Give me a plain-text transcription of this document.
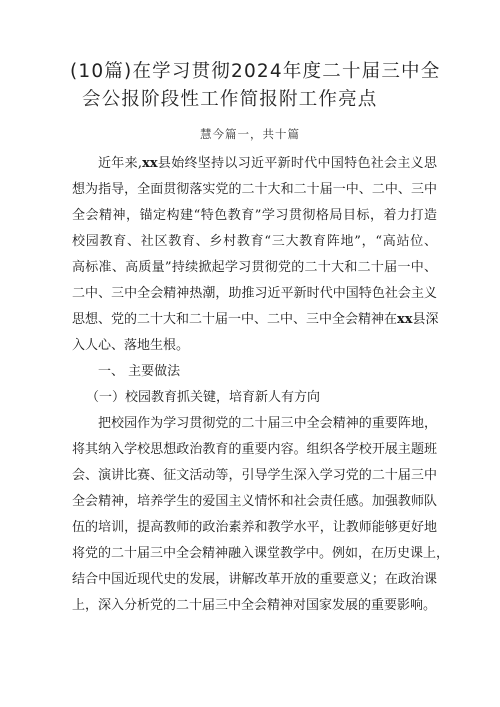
(10篇)在学习贯彻2024年度二十届三中全
会公报阶段性工作简报附工作亮点
慧今篇一，共十篇
近年来,xx县始终坚持以习近平新时代中国特色社会主义思
想为指导，全面贯彻落实党的二十大和二十届一中、二中、三中
全会精神，锚定构建“特色教育”学习贯彻格局目标，着力打造
校园教育、社区教育、乡村教育“三大教育阵地”，“高站位、
高标准、高质量”持续掀起学习贯彻党的二十大和二十届一中、
二中、三中全会精神热潮，助推习近平新时代中国特色社会主义
思想、党的二十大和二十届一中、二中、三中全会精神在xx县深
入人心、落地生根。
一、 主要做法
（一）校园教育抓关键，培育新人有方向
把校园作为学习贯彻党的二十届三中全会精神的重要阵地，
将其纳入学校思想政治教育的重要内容。组织各学校开展主题班
会、演讲比赛、征文活动等，引导学生深入学习党的二十届三中
全会精神，培养学生的爱国主义情怀和社会责任感。加强教师队
伍的培训，提高教师的政治素养和教学水平，让教师能够更好地
将党的二十届三中全会精神融入课堂教学中。例如，在历史课上，
结合中国近现代史的发展，讲解改革开放的重要意义；在政治课
上，深入分析党的二十届三中全会精神对国家发展的重要影响。
